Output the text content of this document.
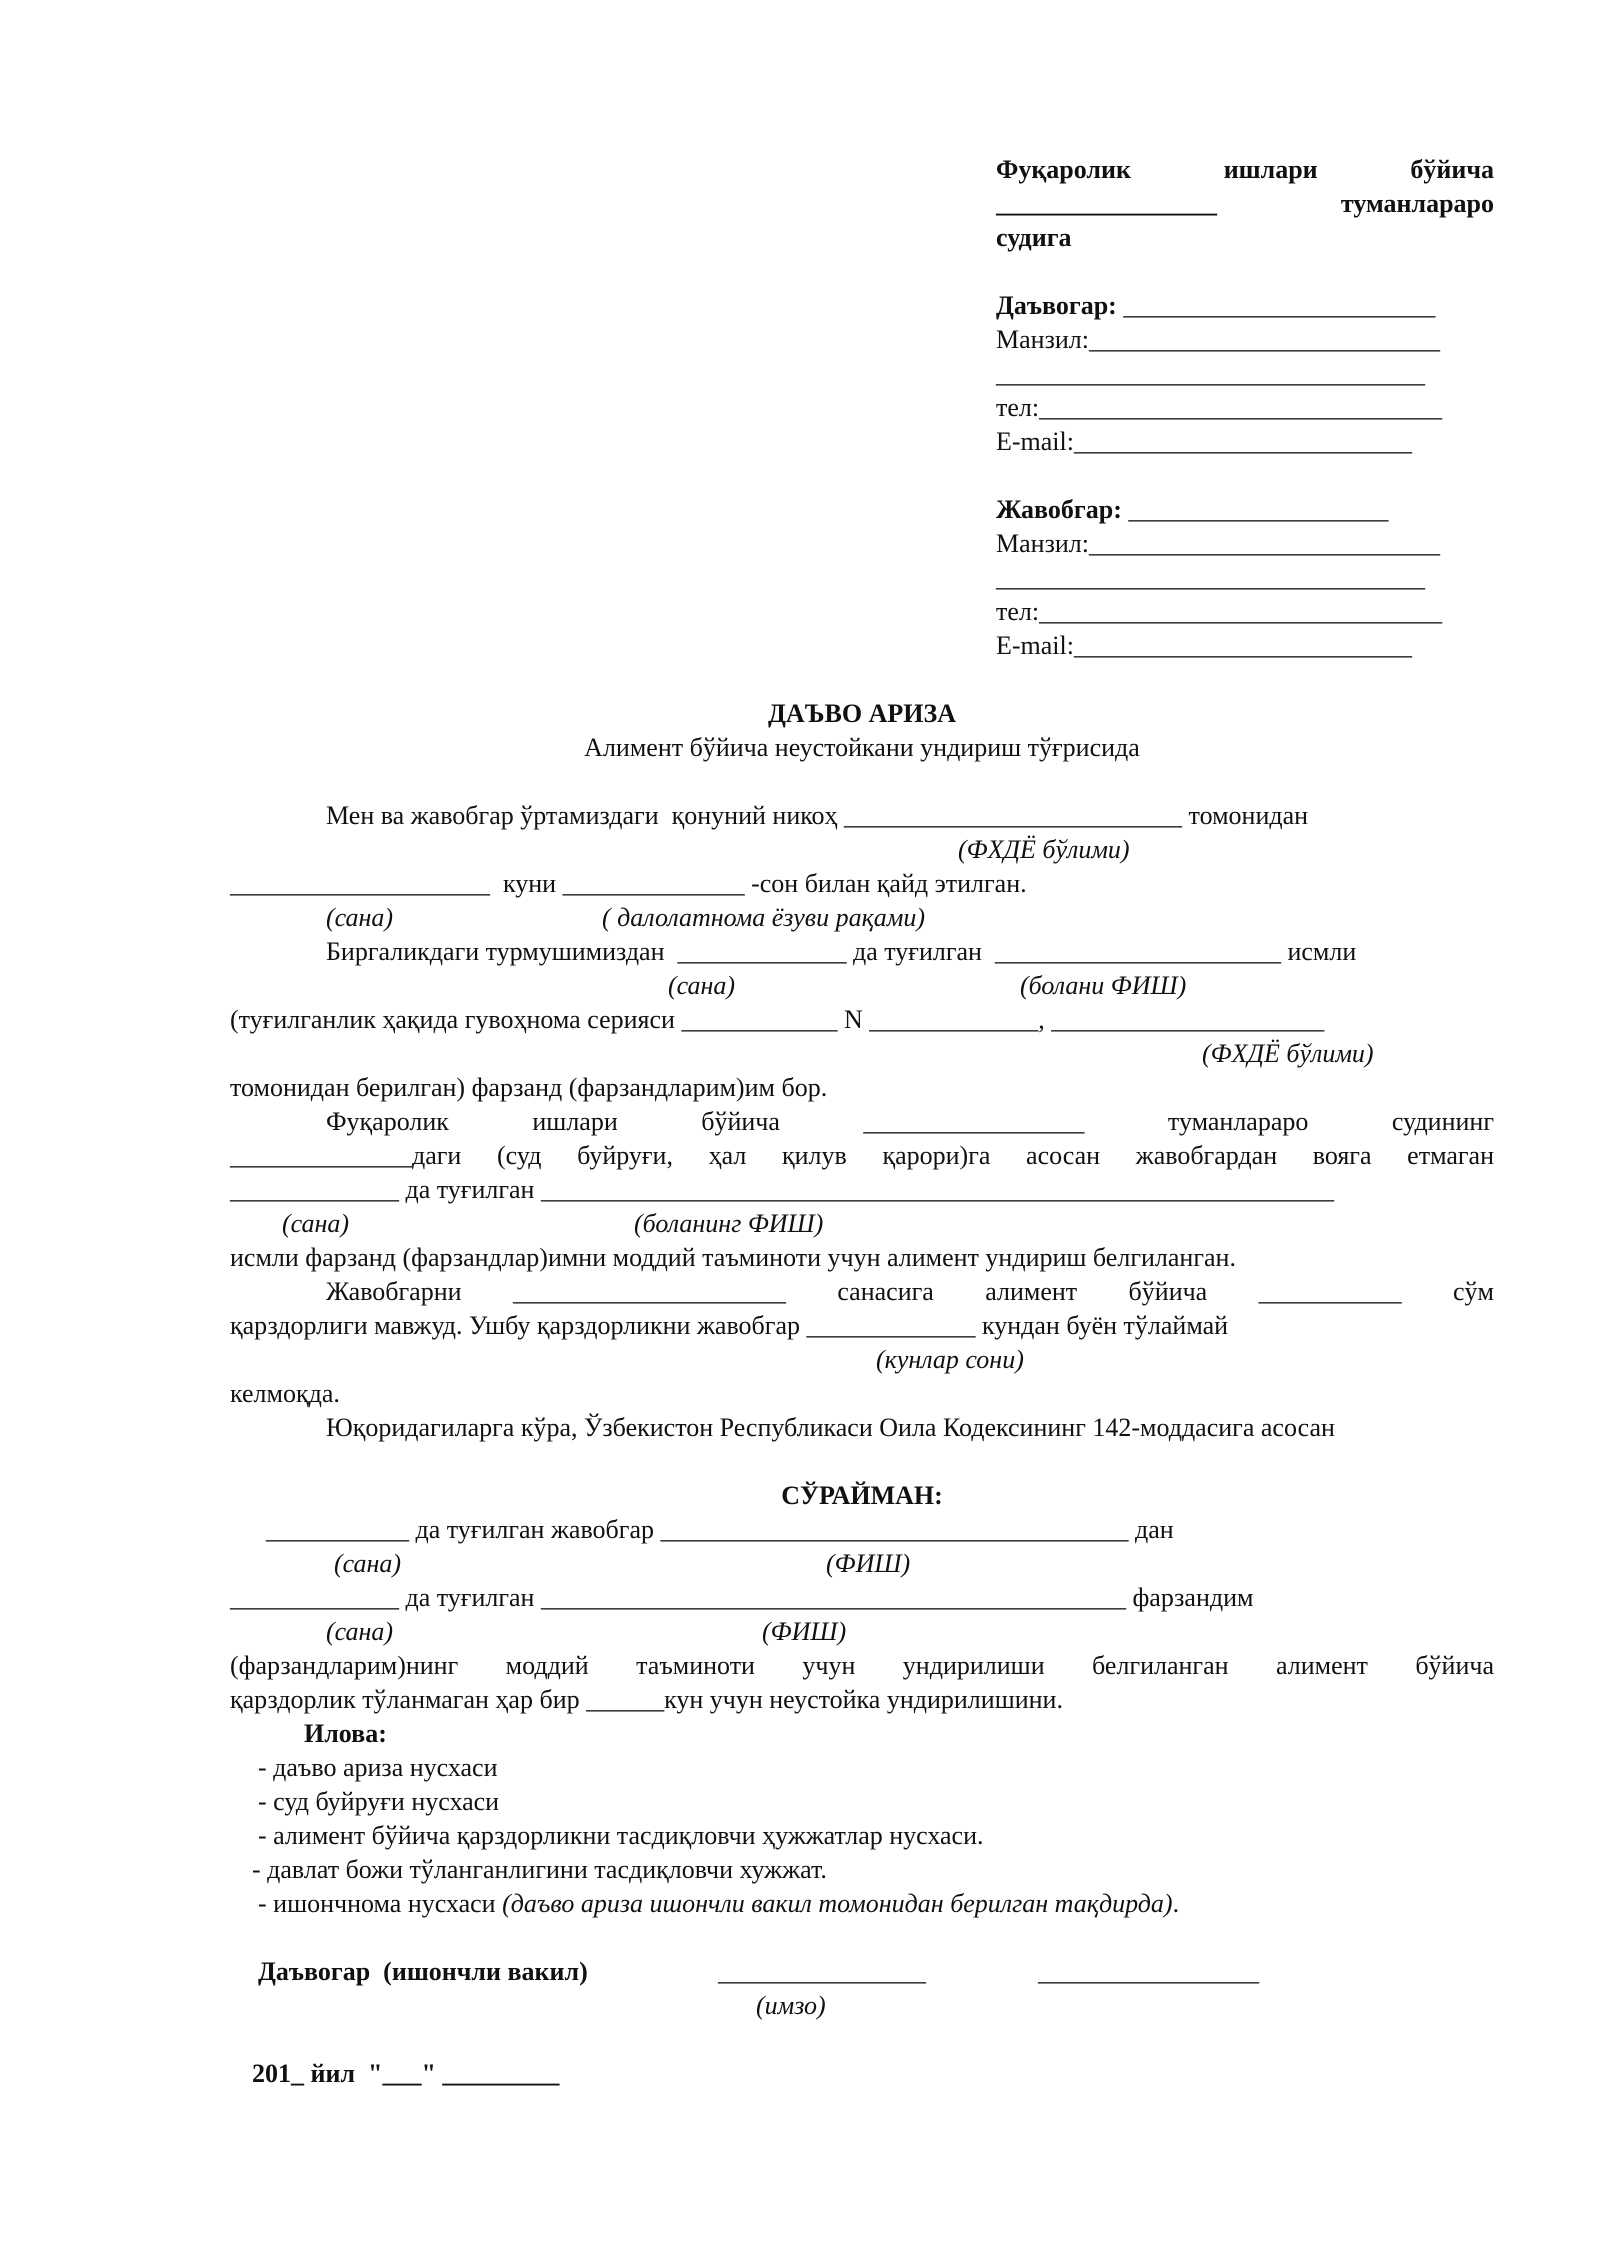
Фуқаролик ишлари бўйича
_________________ туманлараро
судига
Даъвогар: ________________________
Манзил:___________________________
_________________________________
тел:_______________________________
E-mail:__________________________
Жавобгар: ____________________
Манзил:___________________________
_________________________________
тел:_______________________________
E-mail:__________________________
ДАЪВО АРИЗА
Алимент бўйича неустойкани ундириш тўғрисида
Мен ва жавобгар ўртамиздаги  қонуний никоҳ __________________________ томонидан
(ФХДЁ бўлими)
____________________  куни ______________ -сон билан қайд этилган.
(сана)	( далолатнома ёзуви рақами)
Биргаликдаги турмушимиздан  _____________ да туғилган  ______________________ исмли
(сана)	(болани ФИШ)
(туғилганлик ҳақида гувоҳнома серияси ____________ N _____________, _____________________
(ФХДЁ бўлими)
томонидан берилган) фарзанд (фарзандларим)им бор.
Фуқаролик ишлари бўйича _________________ туманлараро судининг
______________даги (суд буйруғи, ҳал қилув қарори)га асосан жавобгардан воягa етмаган
_____________ да туғилган _____________________________________________________________
(сана)	(боланинг ФИШ)
исмли фарзанд (фарзандлар)имни моддий таъминоти учун алимент ундириш белгиланган.
Жавобгарни _____________________ санасига алимент бўйича ___________ сўм
қарздорлиги мавжуд. Ушбу қарздорликни жавобгар _____________ кундан буён тўлаймай
(кунлар сони)
келмоқда.
Юқоридагиларга кўра, Ўзбекистон Республикаси Оила Кодексининг 142-моддасига асосан
СЎРАЙМАН:
___________ да туғилган жавобгар ____________________________________ дан
(сана)	(ФИШ)
_____________ да туғилган _____________________________________________ фарзандим
(сана)	(ФИШ)
(фарзандларим)нинг моддий таъминоти учун ундирилиши белгиланган алимент бўйича
қарздорлик тўланмаган ҳар бир ______кун учун неустойка ундирилишини.
Илова:
- даъво ариза нусхаси
- суд буйруғи нусхаси
- алимент бўйича қарздорликни тасдиқловчи ҳужжатлар нусхаси.
- давлат божи тўланганлигини тасдиқловчи хужжат.
- ишончнома нусхаси (даъво ариза ишончли вакил томонидан берилган тақдирда).
Даъвогар  (ишончли вакил)	________________	_________________
(имзо)
201_ йил  "___" _________
